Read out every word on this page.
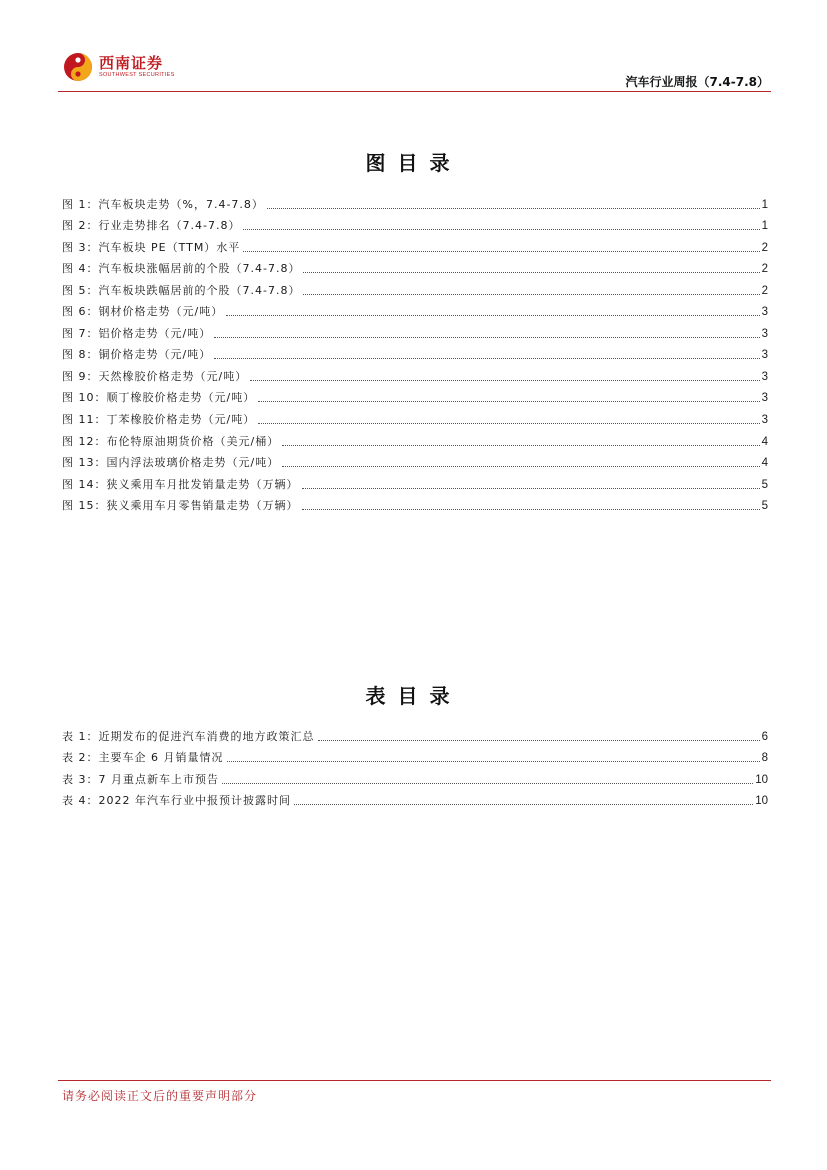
西南证券
SOUTHWEST SECURITIES	汽车行业周报（7.4-7.8）
图目录
图 1：汽车板块走势（%，7.4-7.8）	1
图 2：行业走势排名（7.4-7.8）	1
图 3：汽车板块 PE（TTM）水平	2
图 4：汽车板块涨幅居前的个股（7.4-7.8）	2
图 5：汽车板块跌幅居前的个股（7.4-7.8）	2
图 6：钢材价格走势（元/吨）	3
图 7：铝价格走势（元/吨）	3
图 8：铜价格走势（元/吨）	3
图 9：天然橡胶价格走势（元/吨）	3
图 10：顺丁橡胶价格走势（元/吨）	3
图 11：丁苯橡胶价格走势（元/吨）	3
图 12：布伦特原油期货价格（美元/桶）	4
图 13：国内浮法玻璃价格走势（元/吨）	4
图 14：狭义乘用车月批发销量走势（万辆）	5
图 15：狭义乘用车月零售销量走势（万辆）	5
表目录
表 1：近期发布的促进汽车消费的地方政策汇总	6
表 2：主要车企 6 月销量情况	8
表 3：7 月重点新车上市预告	10
表 4：2022 年汽车行业中报预计披露时间	10
请务必阅读正文后的重要声明部分
